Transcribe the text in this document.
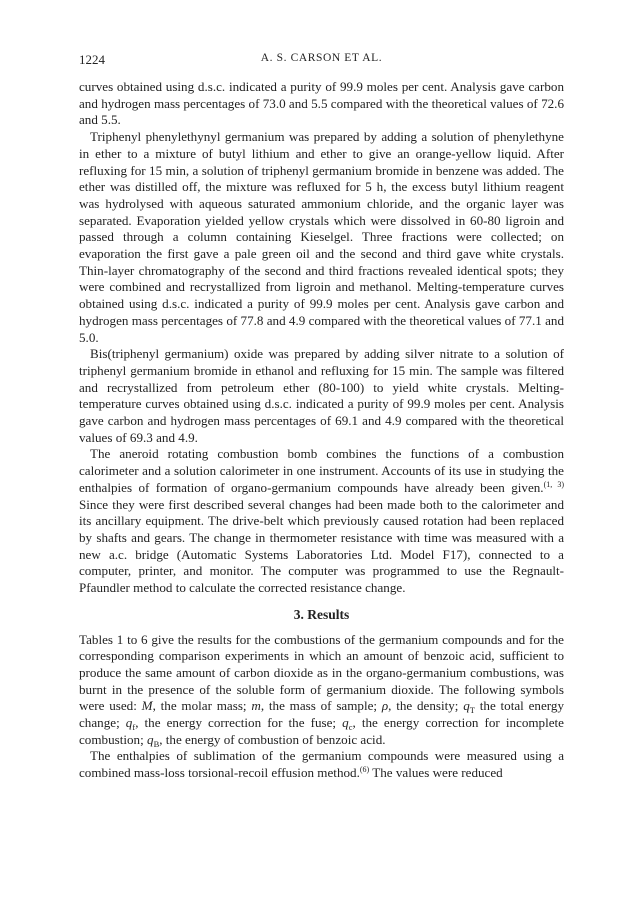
1224	A. S. CARSON ET AL.

curves obtained using d.s.c. indicated a purity of 99.9 moles per cent. Analysis gave carbon and hydrogen mass percentages of 73.0 and 5.5 compared with the theoretical values of 72.6 and 5.5.

Triphenyl phenylethynyl germanium was prepared by adding a solution of phenylethyne in ether to a mixture of butyl lithium and ether to give an orange-yellow liquid. After refluxing for 15 min, a solution of triphenyl germanium bromide in benzene was added. The ether was distilled off, the mixture was refluxed for 5 h, the excess butyl lithium reagent was hydrolysed with aqueous saturated ammonium chloride, and the organic layer was separated. Evaporation yielded yellow crystals which were dissolved in 60-80 ligroin and passed through a column containing Kieselgel. Three fractions were collected; on evaporation the first gave a pale green oil and the second and third gave white crystals. Thin-layer chromatography of the second and third fractions revealed identical spots; they were combined and recrystallized from ligroin and methanol. Melting-temperature curves obtained using d.s.c. indicated a purity of 99.9 moles per cent. Analysis gave carbon and hydrogen mass percentages of 77.8 and 4.9 compared with the theoretical values of 77.1 and 5.0.

Bis(triphenyl germanium) oxide was prepared by adding silver nitrate to a solution of triphenyl germanium bromide in ethanol and refluxing for 15 min. The sample was filtered and recrystallized from petroleum ether (80-100) to yield white crystals. Melting-temperature curves obtained using d.s.c. indicated a purity of 99.9 moles per cent. Analysis gave carbon and hydrogen mass percentages of 69.1 and 4.9 compared with the theoretical values of 69.3 and 4.9.

The aneroid rotating combustion bomb combines the functions of a combustion calorimeter and a solution calorimeter in one instrument. Accounts of its use in studying the enthalpies of formation of organo-germanium compounds have already been given.$^{(1, 3)}$ Since they were first described several changes had been made both to the calorimeter and its ancillary equipment. The drive-belt which previously caused rotation had been replaced by shafts and gears. The change in thermometer resistance with time was measured with a new a.c. bridge (Automatic Systems Laboratories Ltd. Model F17), connected to a computer, printer, and monitor. The computer was programmed to use the Regnault-Pfaundler method to calculate the corrected resistance change.

3. Results

Tables 1 to 6 give the results for the combustions of the germanium compounds and for the corresponding comparison experiments in which an amount of benzoic acid, sufficient to produce the same amount of carbon dioxide as in the organo-germanium combustions, was burnt in the presence of the soluble form of germanium dioxide. The following symbols were used: M, the molar mass; m, the mass of sample; ρ, the density; $q_T$ the total energy change; $q_f$, the energy correction for the fuse; $q_c$, the energy correction for incomplete combustion; $q_B$, the energy of combustion of benzoic acid.

The enthalpies of sublimation of the germanium compounds were measured using a combined mass-loss torsional-recoil effusion method.$^{(6)}$ The values were reduced
